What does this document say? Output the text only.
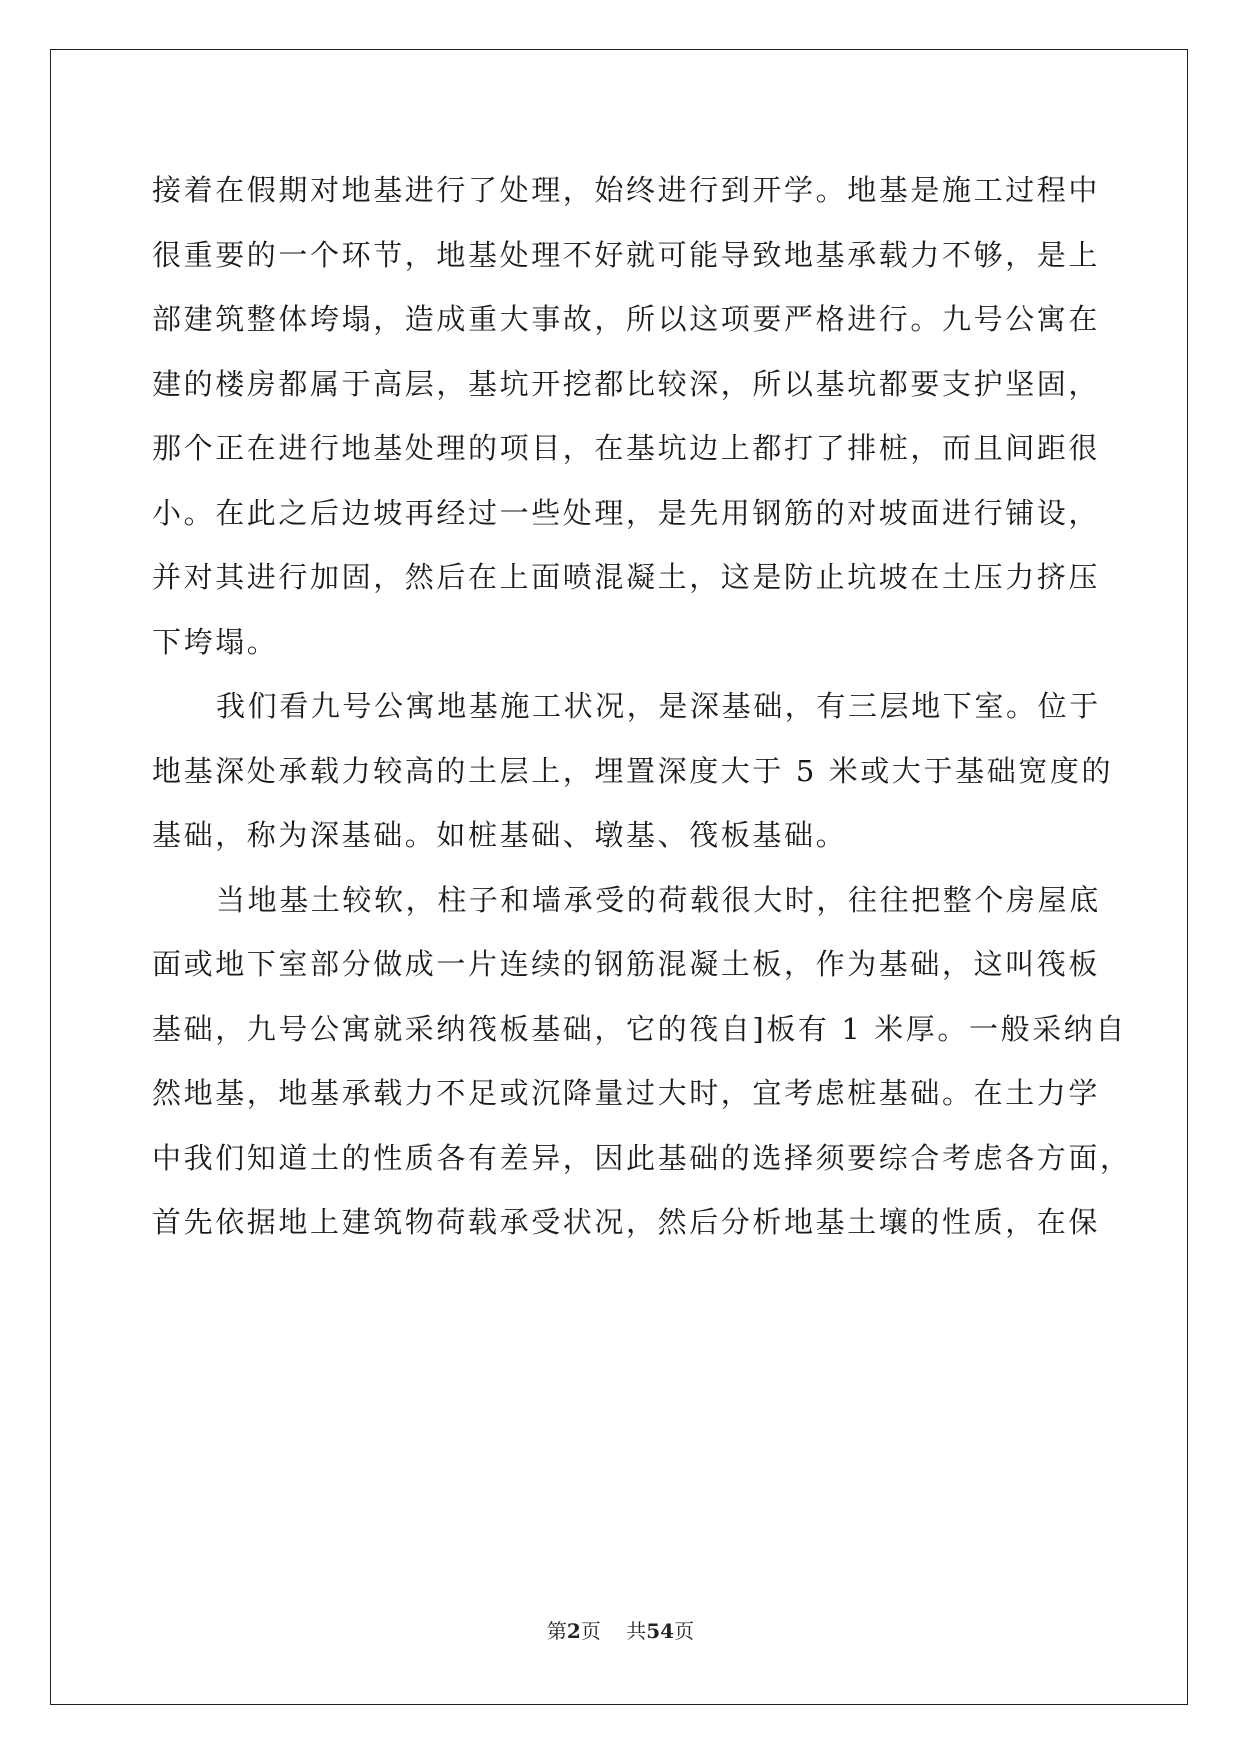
接着在假期对地基进行了处理，始终进行到开学。地基是施工过程中

很重要的一个环节，地基处理不好就可能导致地基承载力不够，是上

部建筑整体垮塌，造成重大事故，所以这项要严格进行。九号公寓在

建的楼房都属于高层，基坑开挖都比较深，所以基坑都要支护坚固，

那个正在进行地基处理的项目，在基坑边上都打了排桩，而且间距很

小。在此之后边坡再经过一些处理，是先用钢筋的对坡面进行铺设，

并对其进行加固，然后在上面喷混凝土，这是防止坑坡在土压力挤压

下垮塌。

我们看九号公寓地基施工状况，是深基础，有三层地下室。位于

地基深处承载力较高的土层上，埋置深度大于 5 米或大于基础宽度的

基础，称为深基础。如桩基础、墩基、筏板基础。

当地基土较软，柱子和墙承受的荷载很大时，往往把整个房屋底

面或地下室部分做成一片连续的钢筋混凝土板，作为基础，这叫筏板

基础，九号公寓就采纳筏板基础，它的筏自]板有 1 米厚。一般采纳自

然地基，地基承载力不足或沉降量过大时，宜考虑桩基础。在土力学

中我们知道土的性质各有差异，因此基础的选择须要综合考虑各方面，

首先依据地上建筑物荷载承受状况，然后分析地基土壤的性质，在保

第2页 共54页
